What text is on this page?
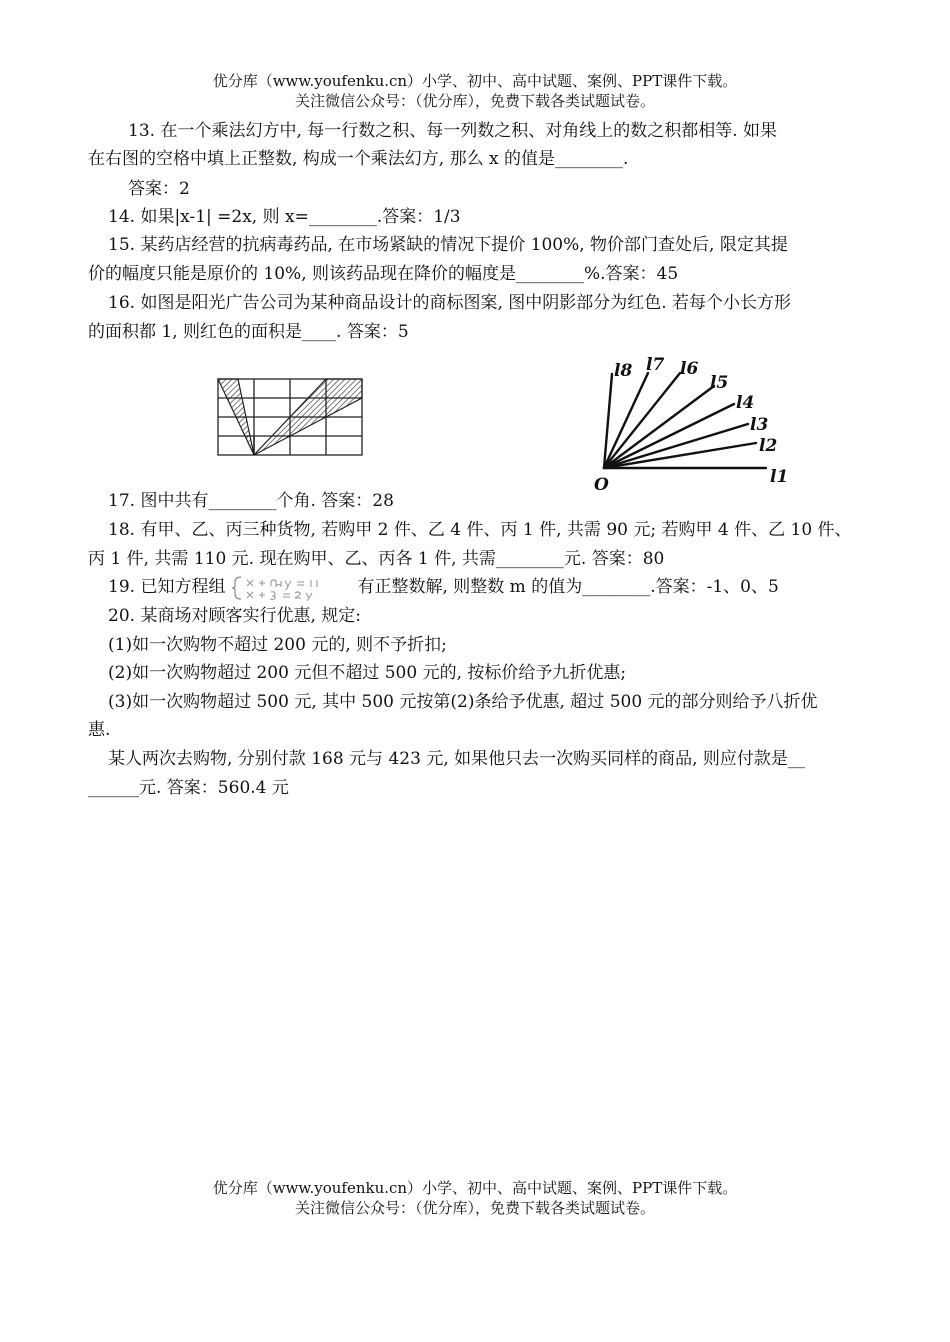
优分库（www.youfenku.cn）小学、初中、高中试题、案例、PPT课件下载。
关注微信公众号：（优分库），免费下载各类试题试卷。
13. 在一个乘法幻方中, 每一行数之积、每一列数之积、对角线上的数之积都相等. 如果
在右图的空格中填上正整数, 构成一个乘法幻方, 那么 x 的值是________.
答案：2
14. 如果|x-1| =2x, 则 x=________.答案：1/3
15. 某药店经营的抗病毒药品, 在市场紧缺的情况下提价 100%, 物价部门查处后, 限定其提
价的幅度只能是原价的 10%, 则该药品现在降价的幅度是________%.答案：45
16. 如图是阳光广告公司为某种商品设计的商标图案, 图中阴影部分为红色. 若每个小长方形
的面积都 1, 则红色的面积是____. 答案：5
O	l1
l2
l3
l4
l5
l6
l7
l8
17. 图中共有________个角. 答案：28
18. 有甲、乙、丙三种货物, 若购甲 2 件、乙 4 件、丙 1 件, 共需 90 元; 若购甲 4 件、乙 10 件、
丙 1 件, 共需 110 元. 现在购甲、乙、丙各 1 件, 共需________元. 答案：80
19. 已知方程组	有正整数解, 则整数 m 的值为________.答案：-1、0、5
20. 某商场对顾客实行优惠, 规定:
(1)如一次购物不超过 200 元的, 则不予折扣;
(2)如一次购物超过 200 元但不超过 500 元的, 按标价给予九折优惠;
(3)如一次购物超过 500 元, 其中 500 元按第(2)条给予优惠, 超过 500 元的部分则给予八折优
惠.
某人两次去购物, 分别付款 168 元与 423 元, 如果他只去一次购买同样的商品, 则应付款是__
______元. 答案：560.4 元
优分库（www.youfenku.cn）小学、初中、高中试题、案例、PPT课件下载。
关注微信公众号：（优分库），免费下载各类试题试卷。
